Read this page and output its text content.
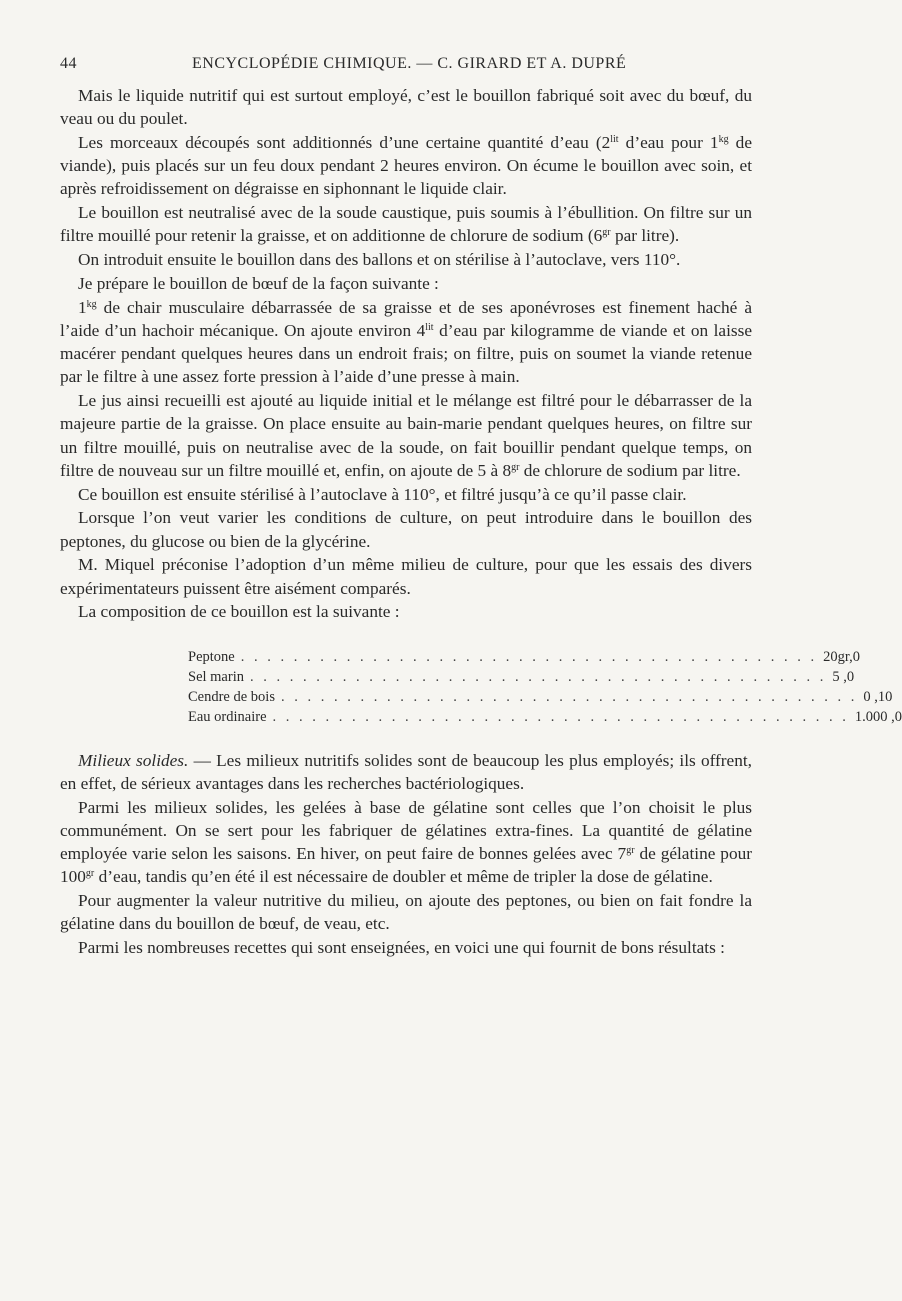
44	ENCYCLOPÉDIE CHIMIQUE. — C. GIRARD ET A. DUPRÉ

Mais le liquide nutritif qui est surtout employé, c’est le bouillon fabriqué soit avec du bœuf, du veau ou du poulet.

Les morceaux découpés sont additionnés d’une certaine quantité d’eau ($2^{lit}$ d’eau pour $1^{kg}$ de viande), puis placés sur un feu doux pendant 2 heures environ. On écume le bouillon avec soin, et après refroidissement on dégraisse en siphonnant le liquide clair.

Le bouillon est neutralisé avec de la soude caustique, puis soumis à l’ébullition. On filtre sur un filtre mouillé pour retenir la graisse, et on additionne de chlorure de sodium ($6^{gr}$ par litre).

On introduit ensuite le bouillon dans des ballons et on stérilise à l’autoclave, vers 110°.

Je prépare le bouillon de bœuf de la façon suivante :

$1^{kg}$ de chair musculaire débarrassée de sa graisse et de ses aponévroses est finement haché à l’aide d’un hachoir mécanique. On ajoute environ $4^{lit}$ d’eau par kilogramme de viande et on laisse macérer pendant quelques heures dans un endroit frais; on filtre, puis on soumet la viande retenue par le filtre à une assez forte pression à l’aide d’une presse à main.

Le jus ainsi recueilli est ajouté au liquide initial et le mélange est filtré pour le débarrasser de la majeure partie de la graisse. On place ensuite au bain-marie pendant quelques heures, on filtre sur un filtre mouillé, puis on neutralise avec de la soude, on fait bouillir pendant quelque temps, on filtre de nouveau sur un filtre mouillé et, enfin, on ajoute de 5 à $8^{gr}$ de chlorure de sodium par litre.

Ce bouillon est ensuite stérilisé à l’autoclave à 110°, et filtré jusqu’à ce qu’il passe clair.

Lorsque l’on veut varier les conditions de culture, on peut introduire dans le bouillon des peptones, du glucose ou bien de la glycérine.

M. Miquel préconise l’adoption d’un même milieu de culture, pour que les essais des divers expérimentateurs puissent être aisément comparés.

La composition de ce bouillon est la suivante :

Peptone . . . . . . . . . . . . . . . . . . . . . . . . . . . . . . . . . . . . . . . . . . . . 20gr,0
Sel marin . . . . . . . . . . . . . . . . . . . . . . . . . . . . . . . . . . . . . . . . . . . . 5 ,0
Cendre de bois . . . . . . . . . . . . . . . . . . . . . . . . . . . . . . . . . . . . . . . . . . . . 0 ,10
Eau ordinaire . . . . . . . . . . . . . . . . . . . . . . . . . . . . . . . . . . . . . . . . . . . . 1.000 ,0

Milieux solides. — Les milieux nutritifs solides sont de beaucoup les plus employés; ils offrent, en effet, de sérieux avantages dans les recherches bactériologiques.

Parmi les milieux solides, les gelées à base de gélatine sont celles que l’on choisit le plus communément. On se sert pour les fabriquer de gélatines extra-fines. La quantité de gélatine employée varie selon les saisons. En hiver, on peut faire de bonnes gelées avec $7^{gr}$ de gélatine pour $100^{gr}$ d’eau, tandis qu’en été il est nécessaire de doubler et même de tripler la dose de gélatine.

Pour augmenter la valeur nutritive du milieu, on ajoute des peptones, ou bien on fait fondre la gélatine dans du bouillon de bœuf, de veau, etc.

Parmi les nombreuses recettes qui sont enseignées, en voici une qui fournit de bons résultats :
